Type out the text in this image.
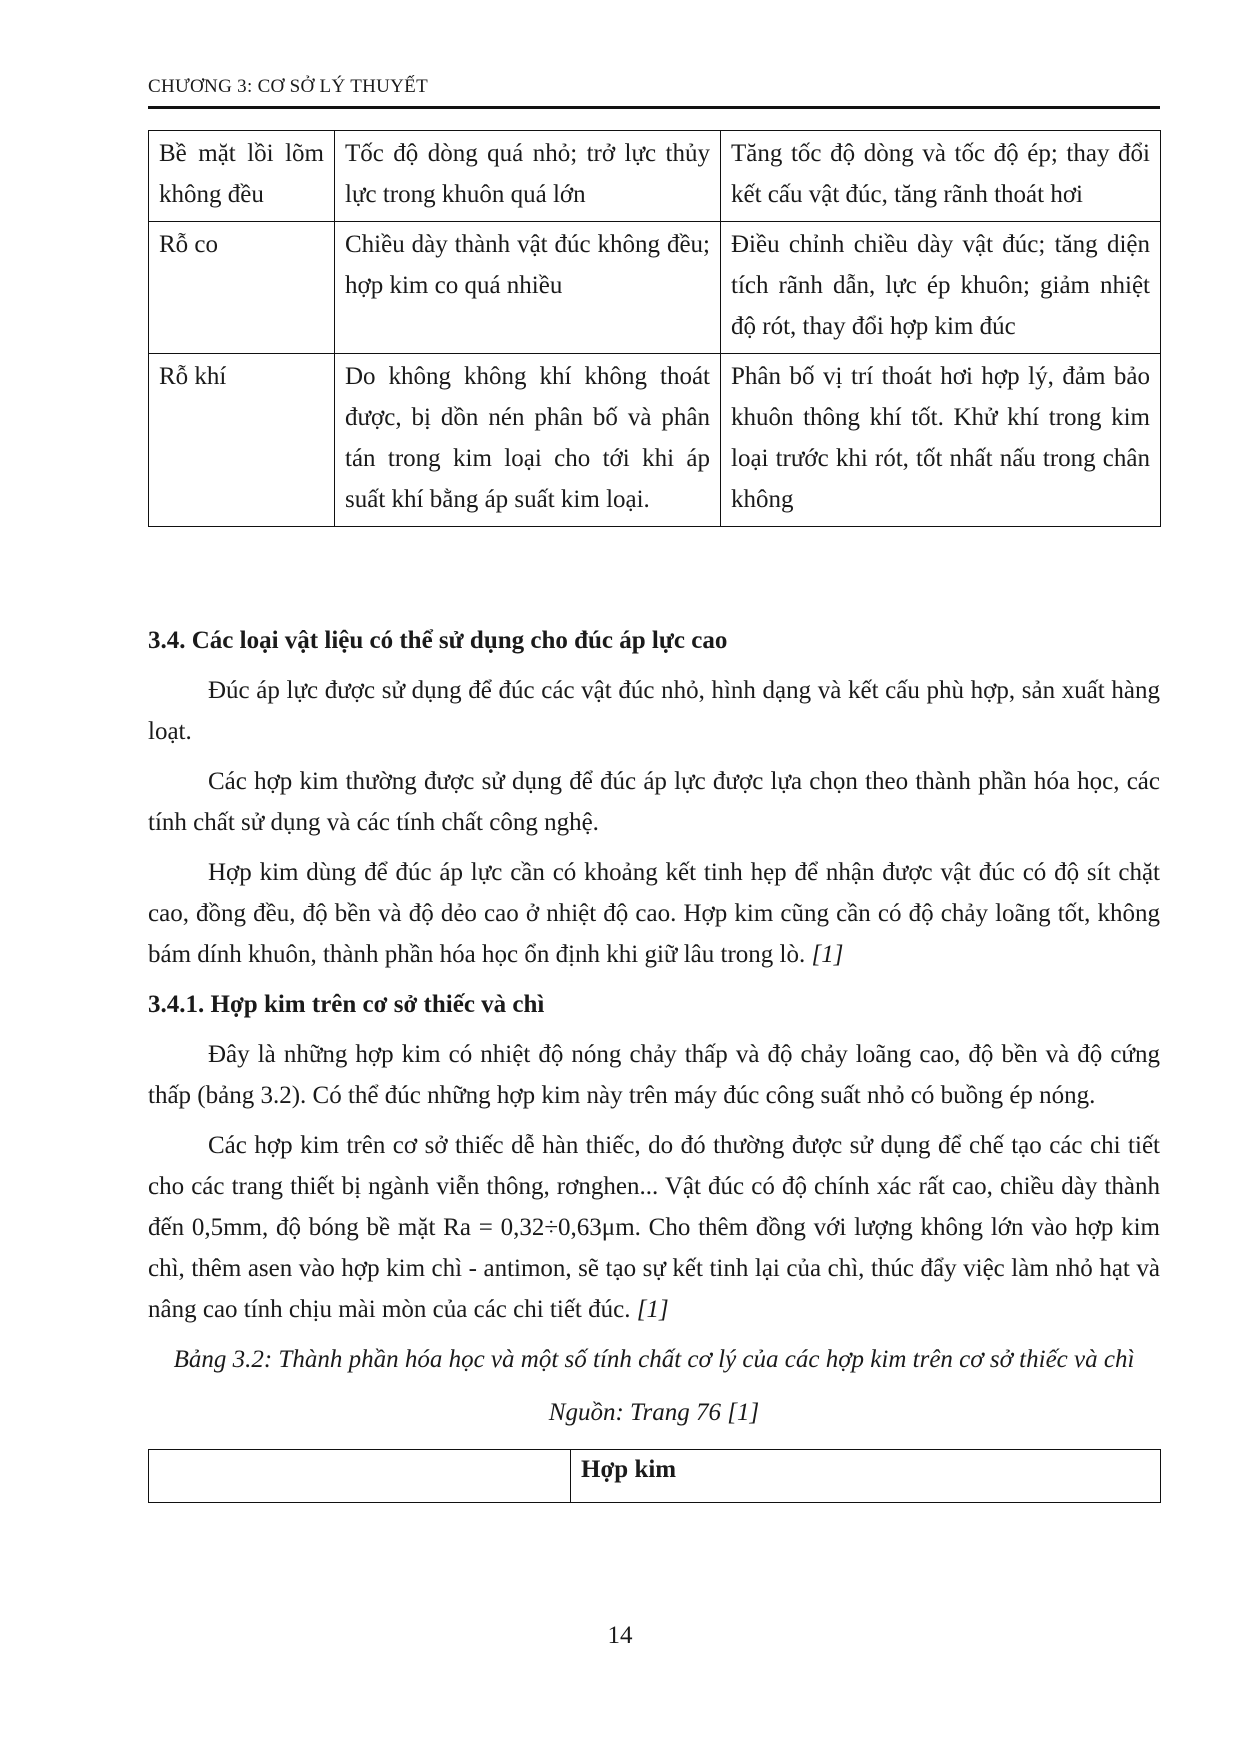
CHƯƠNG 3: CƠ SỞ LÝ THUYẾT
Bề mặt lồi lõm không đều	Tốc độ dòng quá nhỏ; trở lực thủy lực trong khuôn quá lớn	Tăng tốc độ dòng và tốc độ ép; thay đổi kết cấu vật đúc, tăng rãnh thoát hơi
Rỗ co	Chiều dày thành vật đúc không đều; hợp kim co quá nhiều	Điều chỉnh chiều dày vật đúc; tăng diện tích rãnh dẫn, lực ép khuôn; giảm nhiệt độ rót, thay đổi hợp kim đúc
Rỗ khí	Do không không khí không thoát được, bị dồn nén phân bố và phân tán trong kim loại cho tới khi áp suất khí bằng áp suất kim loại.	Phân bố vị trí thoát hơi hợp lý, đảm bảo khuôn thông khí tốt. Khử khí trong kim loại trước khi rót, tốt nhất nấu trong chân không
3.4. Các loại vật liệu có thể sử dụng cho đúc áp lực cao

Đúc áp lực được sử dụng để đúc các vật đúc nhỏ, hình dạng và kết cấu phù hợp, sản xuất hàng loạt.

Các hợp kim thường được sử dụng để đúc áp lực được lựa chọn theo thành phần hóa học, các tính chất sử dụng và các tính chất công nghệ.

Hợp kim dùng để đúc áp lực cần có khoảng kết tinh hẹp để nhận được vật đúc có độ sít chặt cao, đồng đều, độ bền và độ dẻo cao ở nhiệt độ cao. Hợp kim cũng cần có độ chảy loãng tốt, không bám dính khuôn, thành phần hóa học ổn định khi giữ lâu trong lò. [1]

3.4.1. Hợp kim trên cơ sở thiếc và chì

Đây là những hợp kim có nhiệt độ nóng chảy thấp và độ chảy loãng cao, độ bền và độ cứng thấp (bảng 3.2). Có thể đúc những hợp kim này trên máy đúc công suất nhỏ có buồng ép nóng.

Các hợp kim trên cơ sở thiếc dễ hàn thiếc, do đó thường được sử dụng để chế tạo các chi tiết cho các trang thiết bị ngành viễn thông, rơnghen... Vật đúc có độ chính xác rất cao, chiều dày thành đến 0,5mm, độ bóng bề mặt Ra = 0,32÷0,63μm. Cho thêm đồng với lượng không lớn vào hợp kim chì, thêm asen vào hợp kim chì - antimon, sẽ tạo sự kết tinh lại của chì, thúc đẩy việc làm nhỏ hạt và nâng cao tính chịu mài mòn của các chi tiết đúc. [1]

Bảng 3.2: Thành phần hóa học và một số tính chất cơ lý của các hợp kim trên cơ sở thiếc và chì

Nguồn: Trang 76 [1]

	Hợp kim
14
